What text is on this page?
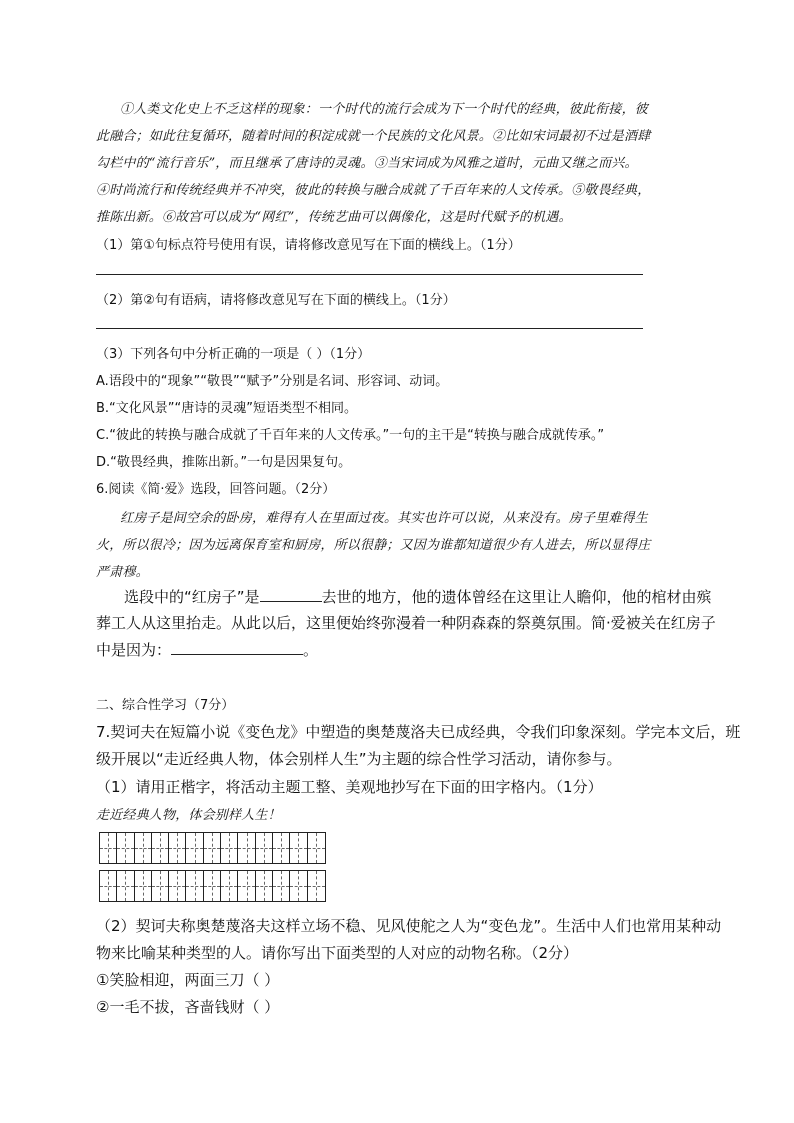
①人类文化史上不乏这样的现象：一个时代的流行会成为下一个时代的经典，彼此衔接，彼
此融合；如此往复循环，随着时间的积淀成就一个民族的文化风景。②比如宋词最初不过是酒肆
勾栏中的“流行音乐”，而且继承了唐诗的灵魂。③当宋词成为风雅之道时，元曲又继之而兴。
④时尚流行和传统经典并不冲突，彼此的转换与融合成就了千百年来的人文传承。⑤敬畏经典，
推陈出新。⑥故宫可以成为“网红”，传统艺曲可以偶像化，这是时代赋予的机遇。
（1）第①句标点符号使用有误，请将修改意见写在下面的横线上。（1分）
（2）第②句有语病，请将修改意见写在下面的横线上。（1分）
（3）下列各句中分析正确的一项是（ ）（1分）
A.语段中的“现象”“敬畏”“赋予”分别是名词、形容词、动词。
B.“文化风景”“唐诗的灵魂”短语类型不相同。
C.“彼此的转换与融合成就了千百年来的人文传承。”一句的主干是“转换与融合成就传承。”
D.“敬畏经典，推陈出新。”一句是因果复句。
6.阅读《简·爱》选段，回答问题。（2分）
红房子是间空余的卧房，难得有人在里面过夜。其实也许可以说，从来没有。房子里难得生
火，所以很冷；因为远离保育室和厨房，所以很静；又因为谁都知道很少有人进去，所以显得庄
严肃穆。
选段中的“红房子”是	去世的地方，他的遗体曾经在这里让人瞻仰，他的棺材由殡
葬工人从这里抬走。从此以后，这里便始终弥漫着一种阴森森的祭奠氛围。简·爱被关在红房子
中是因为：	。
二、综合性学习（7分）
7.契诃夫在短篇小说《变色龙》中塑造的奥楚蔑洛夫已成经典，令我们印象深刻。学完本文后，班
级开展以“走近经典人物，体会别样人生”为主题的综合性学习活动，请你参与。
（1）请用正楷字，将活动主题工整、美观地抄写在下面的田字格内。（1分）
走近经典人物，体会别样人生！
（2）契诃夫称奥楚蔑洛夫这样立场不稳、见风使舵之人为“变色龙”。生活中人们也常用某种动
物来比喻某种类型的人。请你写出下面类型的人对应的动物名称。（2分）
①笑脸相迎，两面三刀（ ）
②一毛不拔，吝啬钱财（ ）
